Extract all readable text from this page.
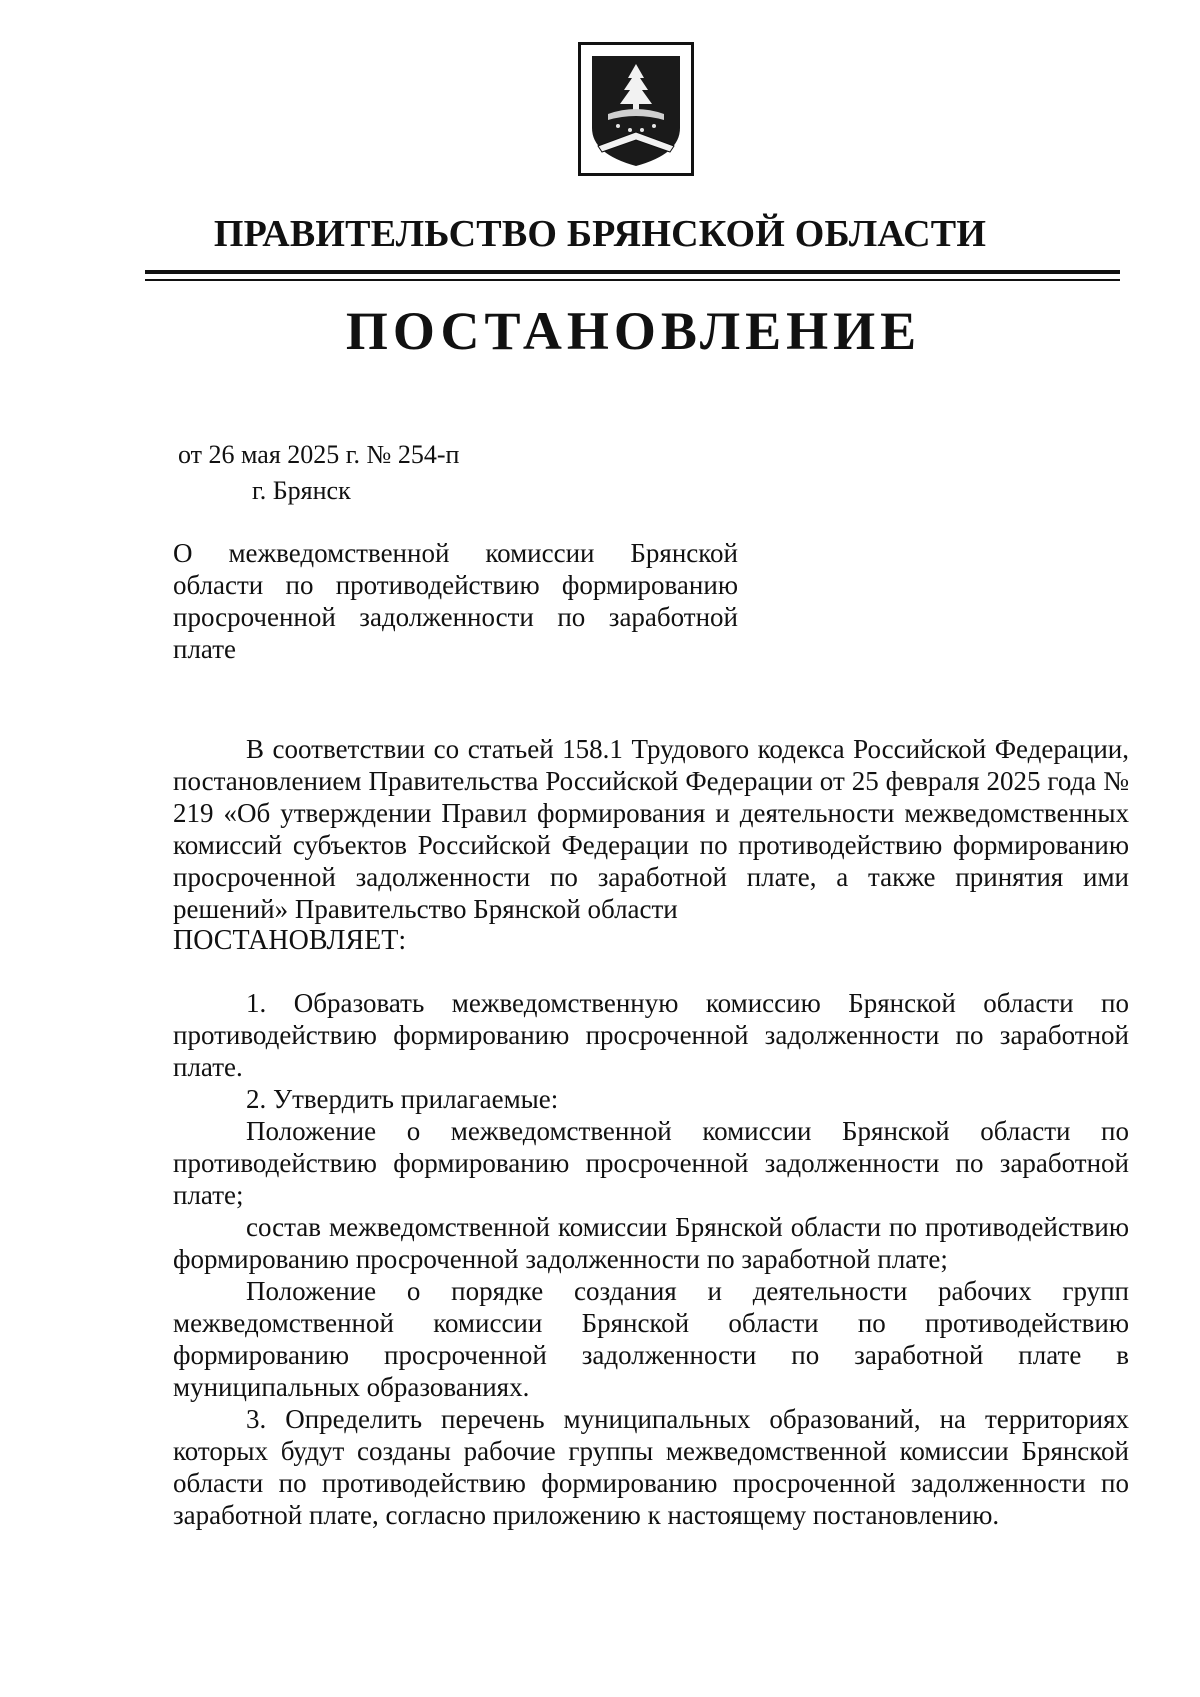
ПРАВИТЕЛЬСТВО БРЯНСКОЙ ОБЛАСТИ
ПОСТАНОВЛЕНИЕ
от 26 мая 2025 г. № 254-п
г. Брянск
О межведомственной комиссии Брянской области по противодействию формированию просроченной задолженности по заработной плате

В соответствии со статьей 158.1 Трудового кодекса Российской Федерации, постановлением Правительства Российской Федерации от 25 февраля 2025 года № 219 «Об утверждении Правил формирования и деятельности межведомственных комиссий субъектов Российской Федерации по противодействию формированию просроченной задолженности по заработной плате, а также принятия ими решений» Правительство Брянской области

ПОСТАНОВЛЯЕТ:

1. Образовать межведомственную комиссию Брянской области по противодействию формированию просроченной задолженности по заработной плате.

2. Утвердить прилагаемые:

Положение о межведомственной комиссии Брянской области по противодействию формированию просроченной задолженности по заработной плате;

состав межведомственной комиссии Брянской области по противодействию формированию просроченной задолженности по заработной плате;

Положение о порядке создания и деятельности рабочих групп межведомственной комиссии Брянской области по противодействию формированию просроченной задолженности по заработной плате в муниципальных образованиях.

3. Определить перечень муниципальных образований, на территориях которых будут созданы рабочие группы межведомственной комиссии Брянской области по противодействию формированию просроченной задолженности по заработной плате, согласно приложению к настоящему постановлению.
